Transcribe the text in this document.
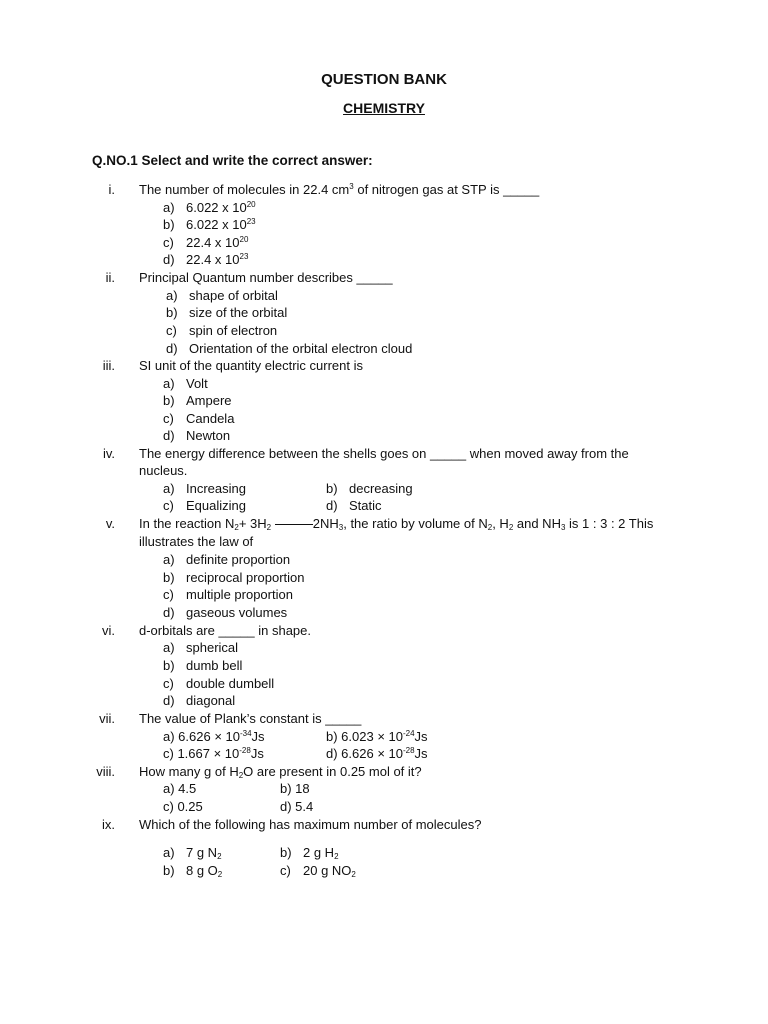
QUESTION BANK
CHEMISTRY
Q.NO.1 Select and write the correct answer:
i. The number of molecules in 22.4 $cm^3$ of nitrogen gas at STP is _____
a) 6.022 x $10^{20}$
b) 6.022 x $10^{23}$
c) 22.4 x $10^{20}$
d) 22.4 x $10^{23}$
ii. Principal Quantum number describes _____
a) shape of orbital
b) size of the orbital
c) spin of electron
d) Orientation of the orbital electron cloud
iii. SI unit of the quantity electric current is
a) Volt
b) Ampere
c) Candela
d) Newton
iv. The energy difference between the shells goes on _____ when moved away from the
nucleus.
a) Increasing	b) decreasing
c) Equalizing	d) Static
v. In the reaction $N_2+ 3H_2$	$2NH_3$, the ratio by volume of $N_2$, $H_2$ and $NH_3$ is 1 : 3 : 2 This
illustrates the law of
a) definite proportion
b) reciprocal proportion
c) multiple proportion
d) gaseous volumes
vi. d-orbitals are _____ in shape.
a) spherical
b) dumb bell
c) double dumbell
d) diagonal
vii. The value of Plank’s constant is _____
a) $6.626 \times 10^{-34}Js$	b) $6.023 \times 10^{-24}Js$
c) $1.667 \times 10^{-28}Js$	d) $6.626 \times 10^{-28}Js$
viii. How many g of $H_2O$ are present in 0.25 mol of it?
a) 4.5	b) 18
c) 0.25	d) 5.4
ix. Which of the following has maximum number of molecules?
a) 7 g $N_2$	b) 2 g $H_2$
b) 8 g $O_2$	c) 20 g $NO_2$
